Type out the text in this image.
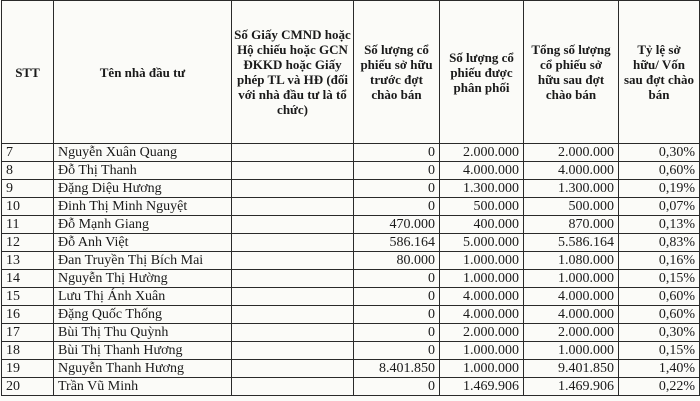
STT	Tên nhà đầu tư	Số Giấy CMND hoặc Hộ chiếu hoặc GCN ĐKKD hoặc Giấy phép TL và HĐ (đối với nhà đầu tư là tổ chức)	Số lượng cổ phiếu sở hữu trước đợt chào bán	Số lượng cổ phiếu được phân phối	Tổng số lượng cổ phiếu sở hữu sau đợt chào bán	Tỷ lệ sở hữu/ Vốn sau đợt chào bán
7	Nguyễn Xuân Quang		0	2.000.000	2.000.000	0,30%
8	Đỗ Thị Thanh		0	4.000.000	4.000.000	0,60%
9	Đặng Diệu Hương		0	1.300.000	1.300.000	0,19%
10	Đinh Thị Minh Nguyệt		0	500.000	500.000	0,07%
11	Đỗ Mạnh Giang		470.000	400.000	870.000	0,13%
12	Đỗ Anh Việt		586.164	5.000.000	5.586.164	0,83%
13	Đan Truyền Thị Bích Mai		80.000	1.000.000	1.080.000	0,16%
14	Nguyễn Thị Hường		0	1.000.000	1.000.000	0,15%
15	Lưu Thị Ánh Xuân		0	4.000.000	4.000.000	0,60%
16	Đặng Quốc Thống		0	4.000.000	4.000.000	0,60%
17	Bùi Thị Thu Quỳnh		0	2.000.000	2.000.000	0,30%
18	Bùi Thị Thanh Hương		0	1.000.000	1.000.000	0,15%
19	Nguyễn Thanh Hương		8.401.850	1.000.000	9.401.850	1,40%
20	Trần Vũ Minh		0	1.469.906	1.469.906	0,22%
